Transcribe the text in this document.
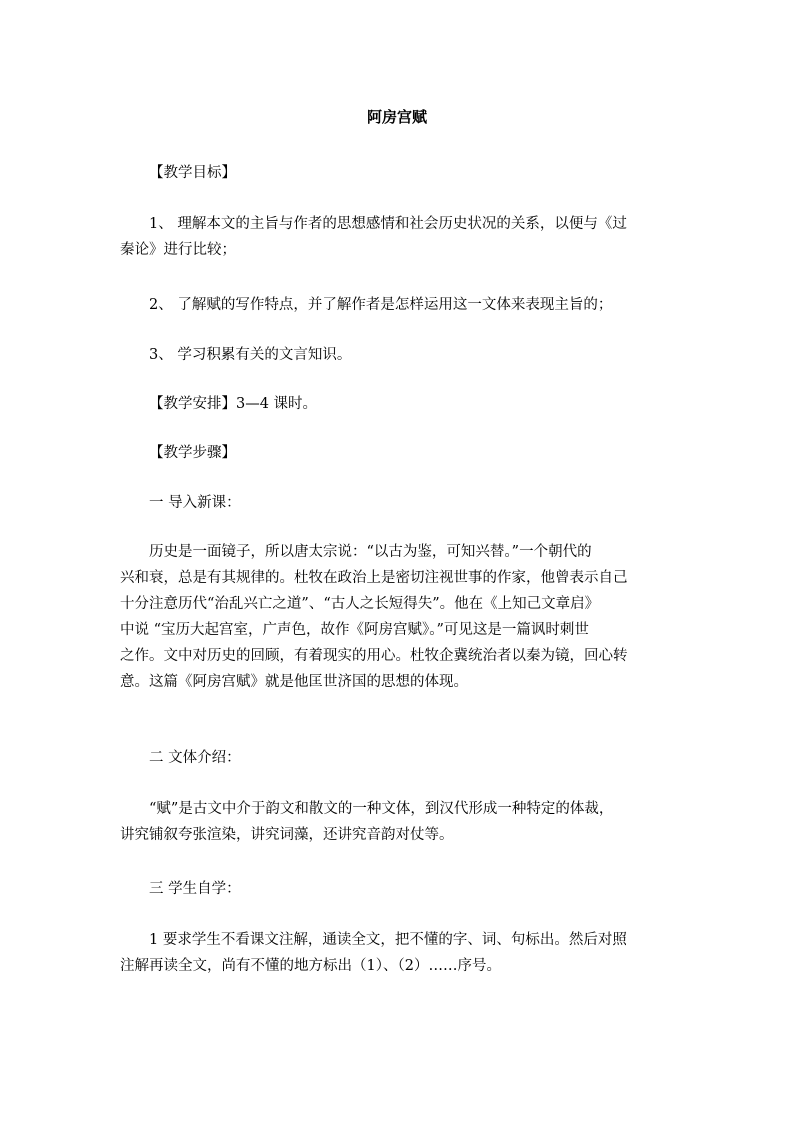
阿房宫赋

【教学目标】

1、 理解本文的主旨与作者的思想感情和社会历史状况的关系，以便与《过
秦论》进行比较；

2、 了解赋的写作特点，并了解作者是怎样运用这一文体来表现主旨的；

3、 学习积累有关的文言知识。

【教学安排】3—4 课时。

【教学步骤】

一 导入新课：

历史是一面镜子，所以唐太宗说：“以古为鉴，可知兴替。”一个朝代的
兴和衰，总是有其规律的。杜牧在政治上是密切注视世事的作家，他曾表示自己
十分注意历代“治乱兴亡之道”、“古人之长短得失”。他在《上知己文章启》
中说 “宝历大起宫室，广声色，故作《阿房宫赋》。”可见这是一篇讽时刺世
之作。文中对历史的回顾，有着现实的用心。杜牧企冀统治者以秦为镜，回心转
意。这篇《阿房宫赋》就是他匡世济国的思想的体现。

二 文体介绍：

“赋”是古文中介于韵文和散文的一种文体，到汉代形成一种特定的体裁，
讲究铺叙夸张渲染，讲究词藻，还讲究音韵对仗等。

三 学生自学：

1 要求学生不看课文注解，通读全文，把不懂的字、词、句标出。然后对照
注解再读全文，尚有不懂的地方标出（1）、（2）……序号。
